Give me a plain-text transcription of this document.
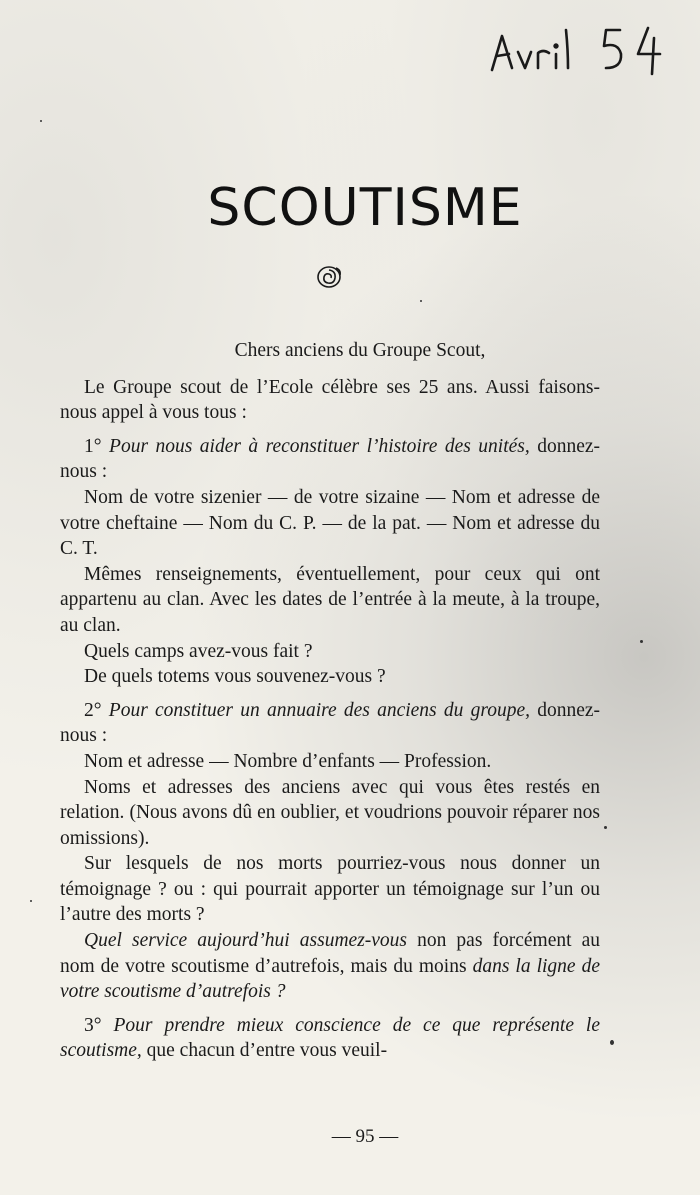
SCOUTISME

Chers anciens du Groupe Scout,

Le Groupe scout de l’Ecole célèbre ses 25 ans. Aussi faisons-nous appel à vous tous :

1° Pour nous aider à reconstituer l’histoire des unités, donnez-nous :

Nom de votre sizenier — de votre sizaine — Nom et adresse de votre cheftaine — Nom du C. P. — de la pat. — Nom et adresse du C. T.

Mêmes renseignements, éventuellement, pour ceux qui ont appartenu au clan. Avec les dates de l’entrée à la meute, à la troupe, au clan.

Quels camps avez-vous fait ?

De quels totems vous souvenez-vous ?

2° Pour constituer un annuaire des anciens du groupe, donnez-nous :

Nom et adresse — Nombre d’enfants — Profession.

Noms et adresses des anciens avec qui vous êtes restés en relation. (Nous avons dû en oublier, et voudrions pouvoir réparer nos omissions).

Sur lesquels de nos morts pourriez-vous nous donner un témoignage ? ou : qui pourrait apporter un témoignage sur l’un ou l’autre des morts ?

Quel service aujourd’hui assumez-vous non pas forcément au nom de votre scoutisme d’autrefois, mais du moins dans la ligne de votre scoutisme d’autrefois ?

3° Pour prendre mieux conscience de ce que représente le scoutisme, que chacun d’entre vous veuil-

— 95 —
